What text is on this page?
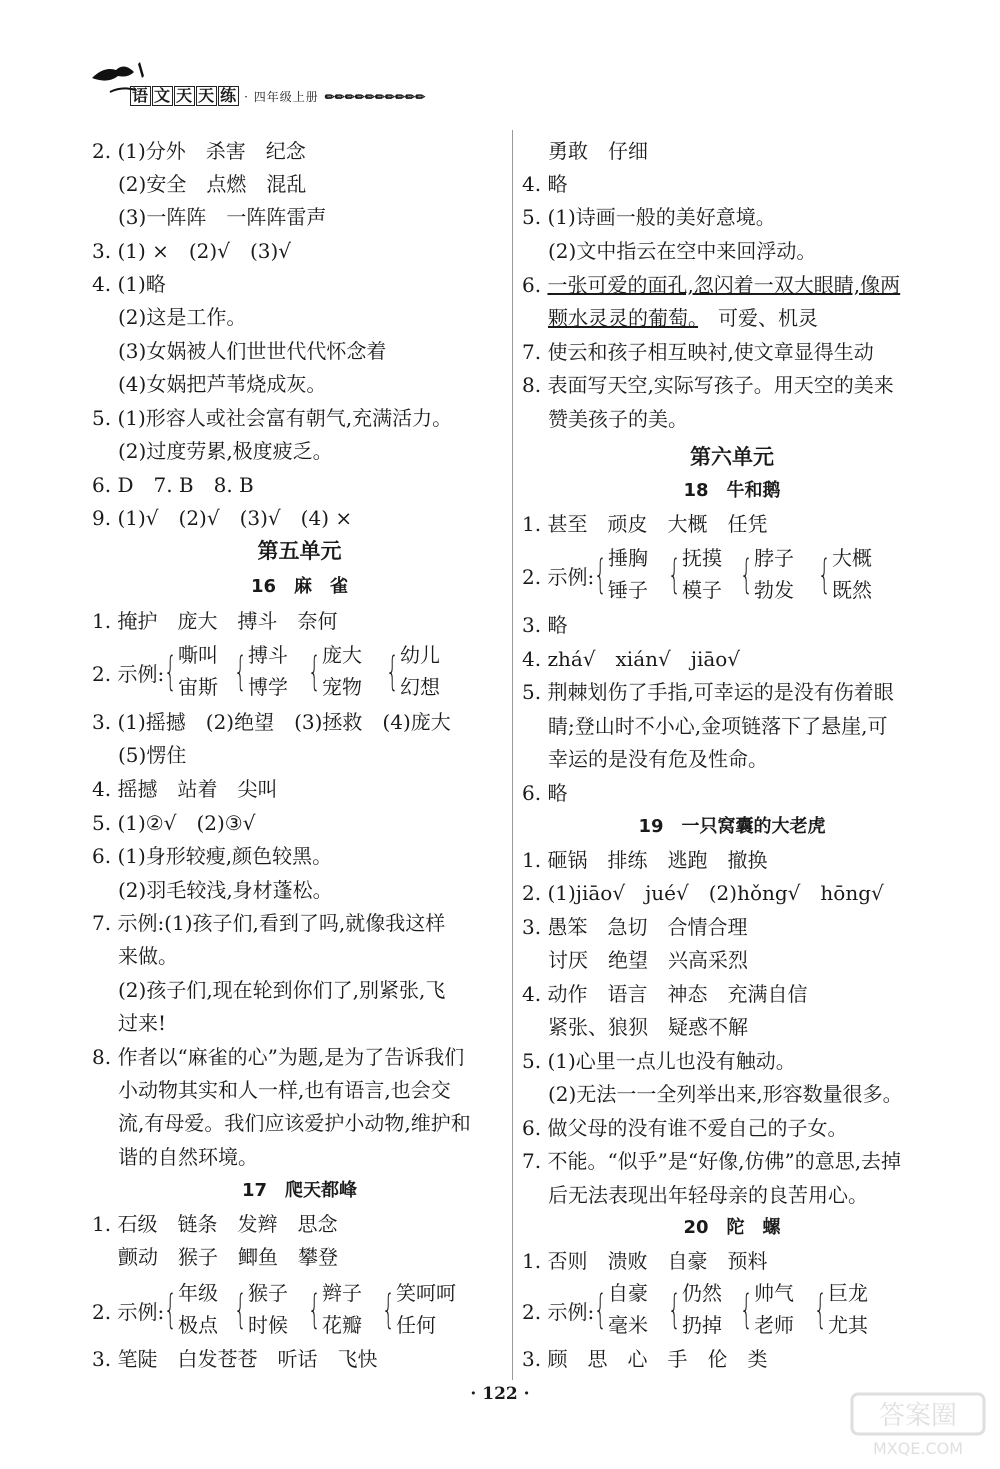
语 文 天 天 练 · 四年级上册 ✏✏✏✏✏✏✏✏✏✏
2. (1)分外　杀害　纪念
(2)安全　点燃　混乱
(3)一阵阵　一阵阵雷声
3. (1) ×　(2)√　(3)√
4. (1)略
(2)这是工作。
(3)女娲被人们世世代代怀念着
(4)女娲把芦苇烧成灰。
5. (1)形容人或社会富有朝气,充满活力。
(2)过度劳累,极度疲乏。
6. D　7. B　8. B
9. (1)√　(2)√　(3)√　(4) ×
第五单元
16　麻　雀
1. 掩护　庞大　搏斗　奈何
2. 示例: { 嘶叫
宙斯 { 搏斗
博学 { 庞大
宠物 { 幼儿
幻想
3. (1)摇撼　(2)绝望　(3)拯救　(4)庞大
(5)愣住
4. 摇撼　站着　尖叫
5. (1)②√　(2)③√
6. (1)身形较瘦,颜色较黑。
(2)羽毛较浅,身材蓬松。
7. 示例:(1)孩子们,看到了吗,就像我这样
来做。
(2)孩子们,现在轮到你们了,别紧张,飞
过来!
8. 作者以“麻雀的心”为题,是为了告诉我们
小动物其实和人一样,也有语言,也会交
流,有母爱。我们应该爱护小动物,维护和
谐的自然环境。
17　爬天都峰
1. 石级　链条　发辫　思念
颤动　猴子　鲫鱼　攀登
2. 示例: { 年级
极点 { 猴子
时候 { 辫子
花瓣 { 笑呵呵
任何
3. 笔陡　白发苍苍　听话　飞快
勇敢　仔细
4. 略
5. (1)诗画一般的美好意境。
(2)文中指云在空中来回浮动。
6. 一张可爱的面孔,忽闪着一双大眼睛,像两
颗水灵灵的葡萄。　可爱、机灵
7. 使云和孩子相互映衬,使文章显得生动
8. 表面写天空,实际写孩子。用天空的美来
赞美孩子的美。
第六单元
18　牛和鹅
1. 甚至　顽皮　大概　任凭
2. 示例: { 捶胸
锤子 { 抚摸
模子 { 脖子
勃发 { 大概
既然
3. 略
4. zhá√　xián√　jiāo√
5. 荆棘划伤了手指,可幸运的是没有伤着眼
睛;登山时不小心,金项链落下了悬崖,可
幸运的是没有危及性命。
6. 略
19　一只窝囊的大老虎
1. 砸锅　排练　逃跑　撤换
2. (1)jiāo√　jué√　(2)hǒng√　hōng√
3. 愚笨　急切　合情合理
讨厌　绝望　兴高采烈
4. 动作　语言　神态　充满自信
紧张、狼狈　疑惑不解
5. (1)心里一点儿也没有触动。
(2)无法一一全列举出来,形容数量很多。
6. 做父母的没有谁不爱自己的子女。
7. 不能。“似乎”是“好像,仿佛”的意思,去掉
后无法表现出年轻母亲的良苦用心。
20　陀　螺
1. 否则　溃败　自豪　预料
2. 示例: { 自豪
毫米 { 仍然
扔掉 { 帅气
老师 { 巨龙
尤其
3. 顾　思　心　手　伦　类
· 122 ·
答案圈
MXQE.COM
